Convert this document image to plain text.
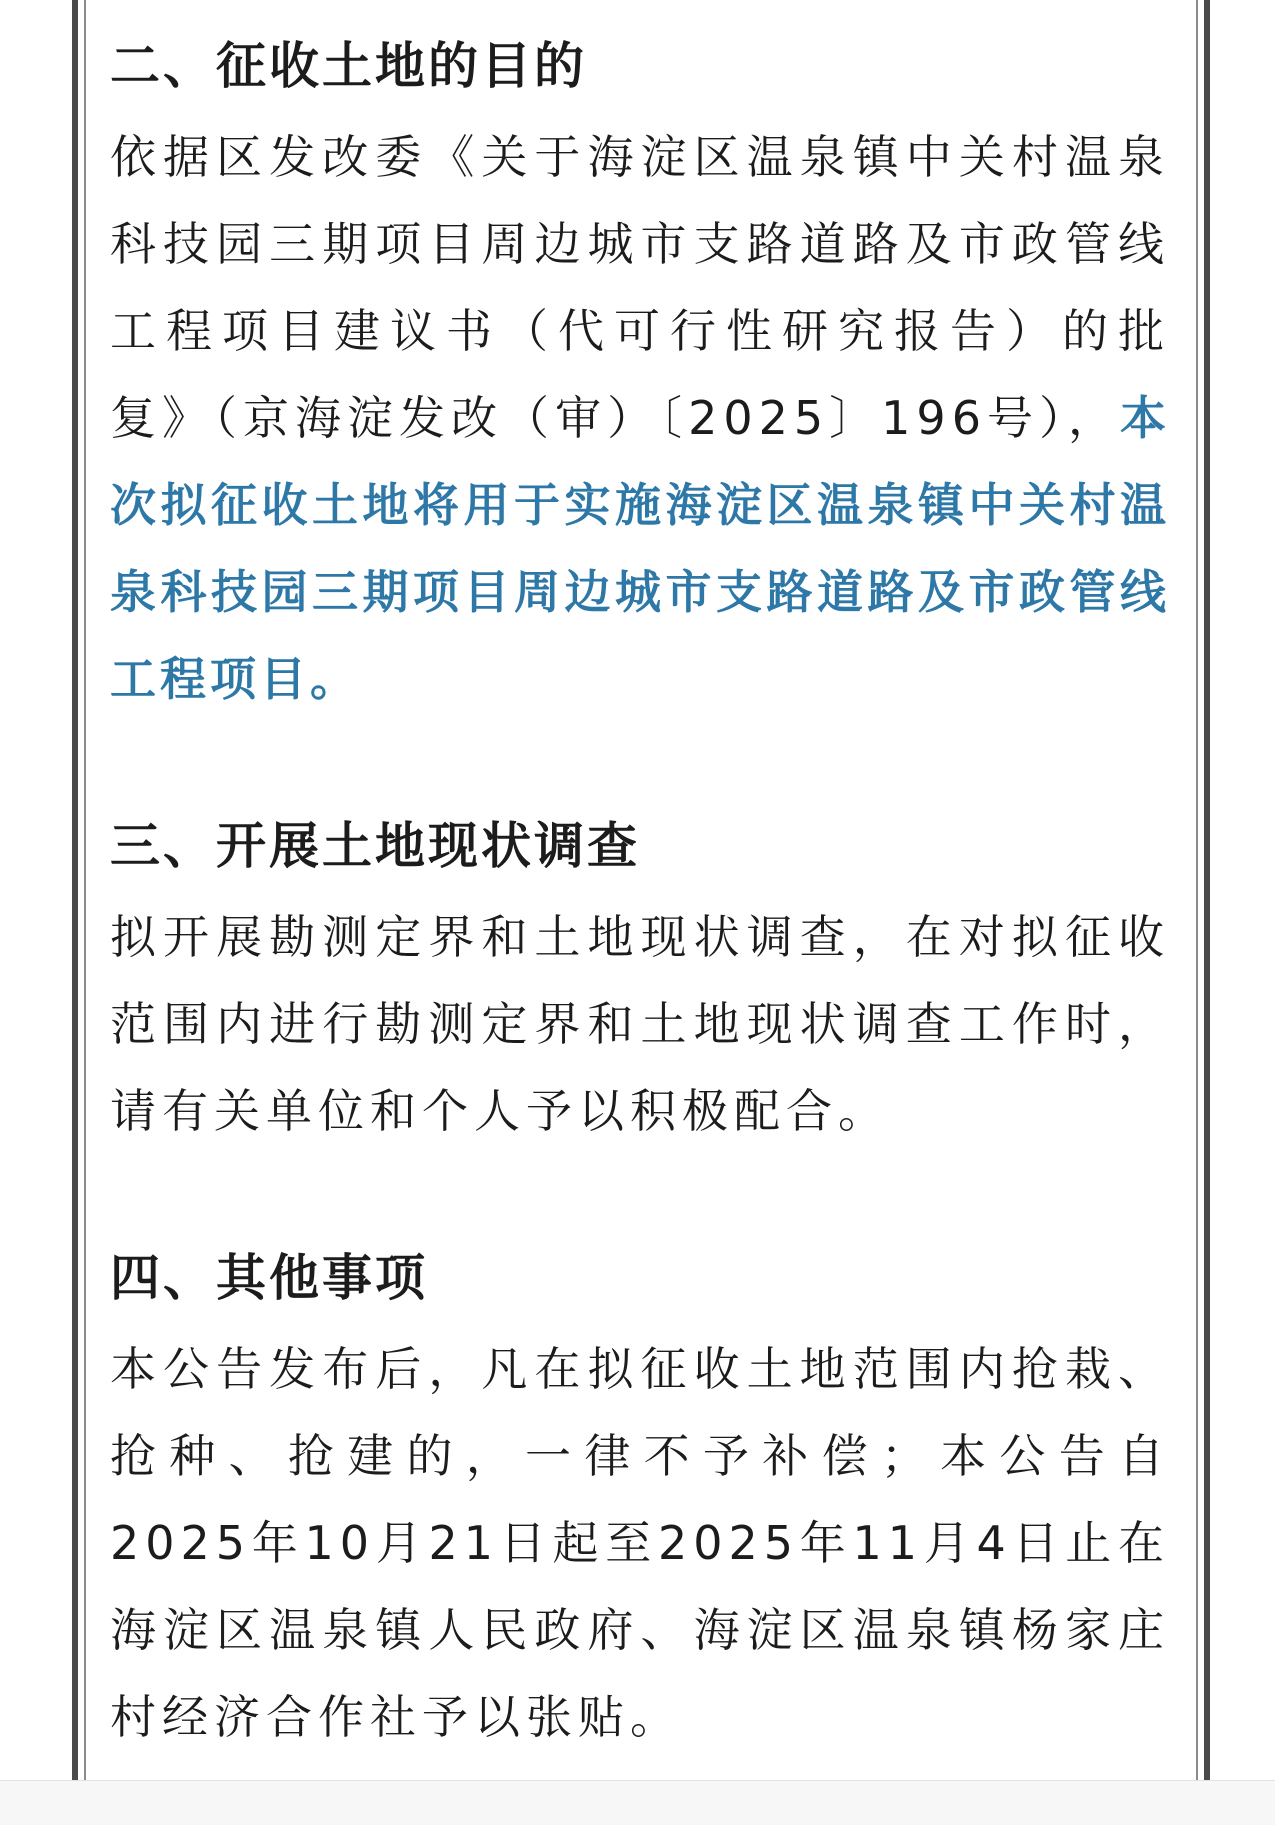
二、征收土地的目的
依据区发改委《关于海淀区温泉镇中关村温泉科技园三期项目周边城市支路道路及市政管线工程项目建议书（代可行性研究报告）的批复》（京海淀发改（审）〔2025〕196号），本次拟征收土地将用于实施海淀区温泉镇中关村温泉科技园三期项目周边城市支路道路及市政管线工程项目。
三、开展土地现状调查
拟开展勘测定界和土地现状调查，在对拟征收范围内进行勘测定界和土地现状调查工作时，请有关单位和个人予以积极配合。
四、其他事项
本公告发布后，凡在拟征收土地范围内抢栽、抢种、抢建的，一律不予补偿；本公告自2025年10月21日起至2025年11月4日止在海淀区温泉镇人民政府、海淀区温泉镇杨家庄村经济合作社予以张贴。
